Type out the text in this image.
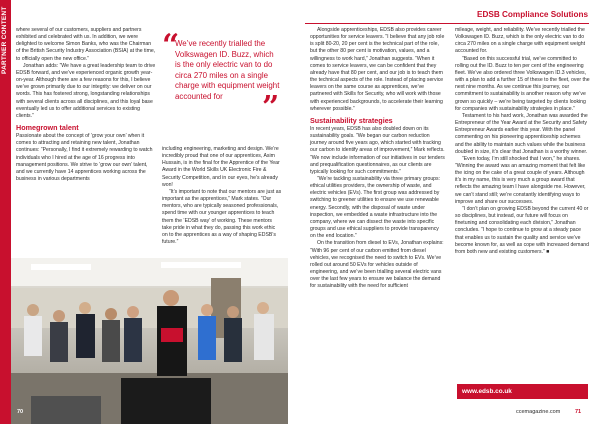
PARTNER CONTENT	EDSB Compliance Solutions

where several of our customers, suppliers and partners exhibited and celebrated with us. In addition, we were delighted to welcome Simon Banks, who was the Chairman of the British Security Industry Association (BSIA) at the time, to officially open the new office.”

Jonathan adds: “We have a great leadership team to drive EDSB forward, and we’ve experienced organic growth year-on-year. Although there are a few reasons for this, I believe we’ve grown primarily due to our integrity: we deliver on our words. This has fostered strong, longstanding relationships with several clients across all disciplines, and this loyal base eventually led us to offer additional services to existing clients.”

Homegrown talent

Passionate about the concept of ‘grow your own’ when it comes to attracting and retaining new talent, Jonathan continues: “Personally, I find it extremely rewarding to watch individuals who I hired at the age of 16 progress into management positions. We strive to ‘grow our own’ talent, and we currently have 14 apprentices working across the business in various departments

“
We’ve recently trialled the Volkswagen ID. Buzz, which is the only electric van to do circa 270 miles on a single charge with equipment weight accounted for	”

including engineering, marketing and design. We’re incredibly proud that one of our apprentices, Asim Hussain, is in the final for the Apprentice of the Year Award in the World Skills UK Electronic Fire & Security Competition, and in our eyes, he’s already won!

“It’s important to note that our mentors are just as important as the apprentices,” Mark states. “Our mentors, who are typically seasoned professionals, spend time with our younger apprentices to teach them the ‘EDSB way’ of working. These mentors take pride in what they do, passing this work ethic on to the apprentices as a way of shaping EDSB’s future.”

70

Alongside apprenticeships, EDSB also provides career opportunities for service leavers. “I believe that any job role is split 80-20, 20 per cent is the technical part of the role, but the other 80 per cent is motivation, values, and a willingness to work hard,” Jonathan suggests. “When it comes to service leavers, we can be confident that they already have that 80 per cent, and our job is to teach them the technical aspects of the role. Instead of placing service leavers on the same course as apprentices, we’ve partnered with Skills for Security, who will work with those with experienced backgrounds, to accelerate their learning wherever possible.”

Sustainability strategies

In recent years, EDSB has also doubled down on its sustainability goals. “We began our carbon reduction journey around five years ago, which started with tracking our carbon to identify areas of improvement,” Mark reflects. “We now include information of our initiatives in our tenders and prequalification questionnaires, as our clients are typically looking for such commitments.”

“We’re tackling sustainability via three primary groups: ethical utilities providers, the ownership of waste, and electric vehicles (EVs). The first group was addressed by switching to greener utilities to ensure we use renewable energy. Secondly, with the disposal of waste under inspection, we embedded a waste infrastructure into the company, where we can dissect the waste into specific groups and use ethical suppliers to provide transparency on the end location.”

On the transition from diesel to EVs, Jonathan explains: “With 96 per cent of our carbon emitted from diesel vehicles, we recognised the need to switch to EVs. We’ve rolled out around 50 EVs for vehicles outside of engineering, and we’ve been trialling several electric vans over the last few years to ensure we balance the demand for sustainability with the need for sufficient

mileage, weight, and reliability. We’ve recently trialled the Volkswagen ID. Buzz, which is the only electric van to do circa 270 miles on a single charge with equipment weight accounted for.

“Based on this successful trial, we’ve committed to rolling out the ID. Buzz to ten per cent of the engineering fleet. We’ve also ordered three Volkswagen ID.3 vehicles, with a plan to add a further 15 of these to the fleet, over the next nine months. As we continue this journey, our commitment to sustainability is another reason why we’ve grown so quickly – we’re being targeted by clients looking for companies with sustainability strategies in place.”

Testament to his hard work, Jonathan was awarded the Entrepreneur of the Year Award at the Security and Safety Entrepreneur Awards earlier this year. With the panel commenting on his pioneering apprenticeship schemes and the ability to maintain such values while the business doubled in size, it’s clear that Jonathan is a worthy winner.

“Even today, I’m still shocked that I won,” he shares. “Winning the award was an amazing moment that felt like the icing on the cake of a great couple of years. Although it’s in my name, this is very much a group award that reflects the amazing team I have alongside me. However, we can’t stand still; we’re constantly identifying ways to improve and share our successes.

“I don’t plan on growing EDSB beyond the current 40 or so disciplines, but instead, our future will focus on finetuning and consolidating each division,” Jonathan concludes. “I hope to continue to grow at a steady pace that enables us to sustain the quality and service we’ve become known for, as well as cope with increased demand from both new and existing customers.” ■

www.edsb.co.uk
ccemagazine.com	71
